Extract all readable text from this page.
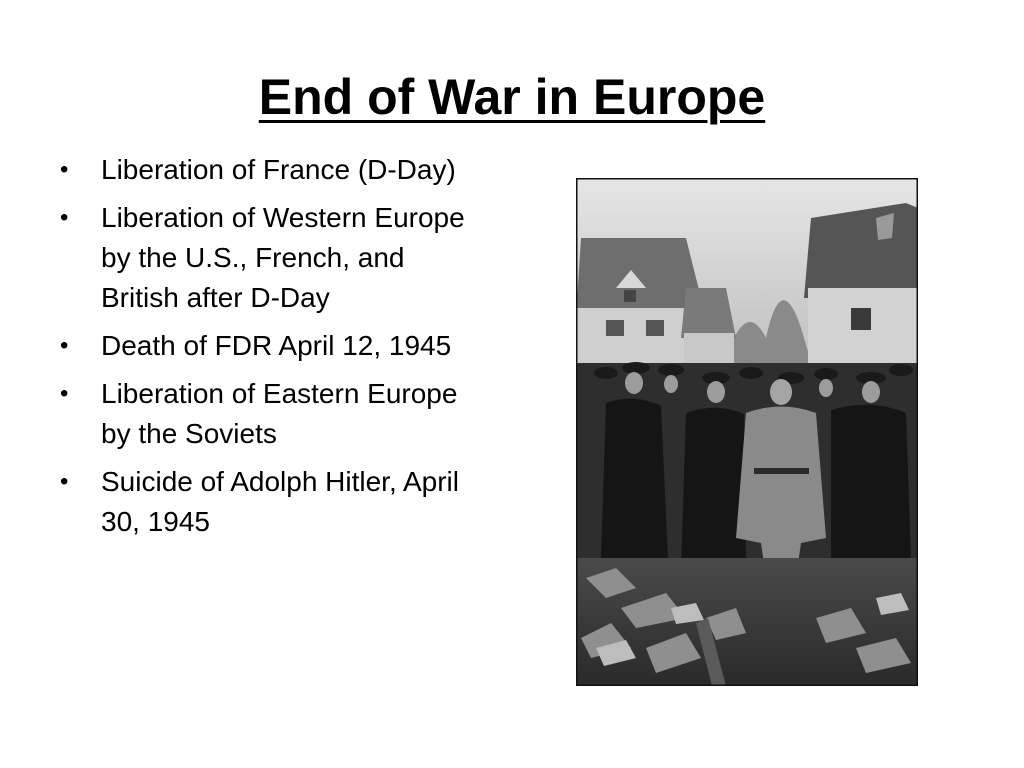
End of War in Europe
•	Liberation of France (D-Day)
•	Liberation of Western Europe by the U.S., French, and British after D-Day
•	Death of FDR April 12, 1945
•	Liberation of Eastern Europe by the Soviets
•	Suicide of Adolph Hitler, April 30, 1945
